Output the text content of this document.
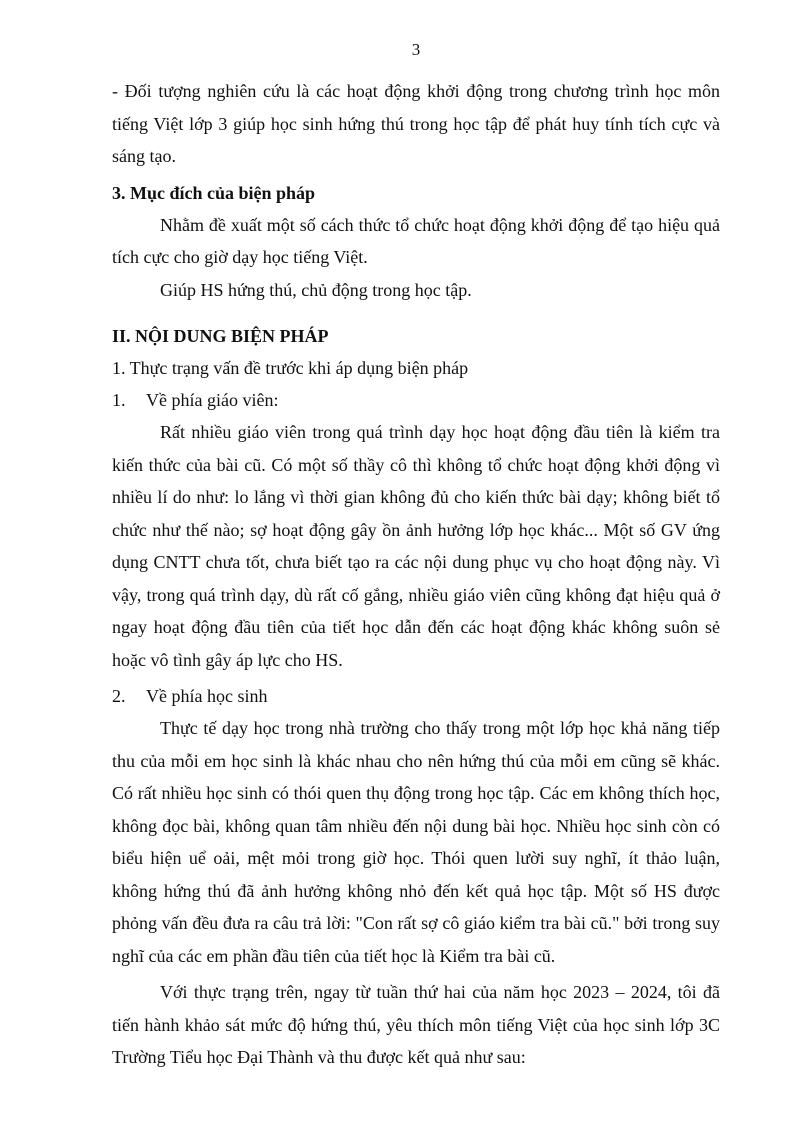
3

- Đối tượng nghiên cứu là các hoạt động khởi động trong chương trình học môn tiếng Việt lớp 3 giúp học sinh hứng thú trong học tập để phát huy tính tích cực và sáng tạo.

3. Mục đích của biện pháp

Nhằm đề xuất một số cách thức tổ chức hoạt động khởi động để tạo hiệu quả tích cực cho giờ dạy học tiếng Việt.

Giúp HS hứng thú, chủ động trong học tập.

II. NỘI DUNG BIỆN PHÁP
1. Thực trạng vấn đề trước khi áp dụng biện pháp
1.	Về phía giáo viên:

Rất nhiều giáo viên trong quá trình dạy học hoạt động đầu tiên là kiểm tra kiến thức của bài cũ. Có một số thầy cô thì không tổ chức hoạt động khởi động vì nhiều lí do như: lo lắng vì thời gian không đủ cho kiến thức bài dạy; không biết tổ chức như thế nào; sợ hoạt động gây ồn ảnh hưởng lớp học khác... Một số GV ứng dụng CNTT chưa tốt, chưa biết tạo ra các nội dung phục vụ cho hoạt động này. Vì vậy, trong quá trình dạy, dù rất cố gắng, nhiều giáo viên cũng không đạt hiệu quả ở ngay hoạt động đầu tiên của tiết học dẫn đến các hoạt động khác không suôn sẻ hoặc vô tình gây áp lực cho HS.

2.	Về phía học sinh

Thực tế dạy học trong nhà trường cho thấy trong một lớp học khả năng tiếp thu của mỗi em học sinh là khác nhau cho nên hứng thú của mỗi em cũng sẽ khác. Có rất nhiều học sinh có thói quen thụ động trong học tập. Các em không thích học, không đọc bài, không quan tâm nhiều đến nội dung bài học. Nhiều học sinh còn có biểu hiện uể oải, mệt mỏi trong giờ học. Thói quen lười suy nghĩ, ít thảo luận, không hứng thú đã ảnh hưởng không nhỏ đến kết quả học tập. Một số HS được phỏng vấn đều đưa ra câu trả lời: "Con rất sợ cô giáo kiểm tra bài cũ." bởi trong suy nghĩ của các em phần đầu tiên của tiết học là Kiểm tra bài cũ.

Với thực trạng trên, ngay từ tuần thứ hai của năm học 2023 – 2024, tôi đã tiến hành khảo sát mức độ hứng thú, yêu thích môn tiếng Việt của học sinh lớp 3C Trường Tiểu học Đại Thành và thu được kết quả như sau:
